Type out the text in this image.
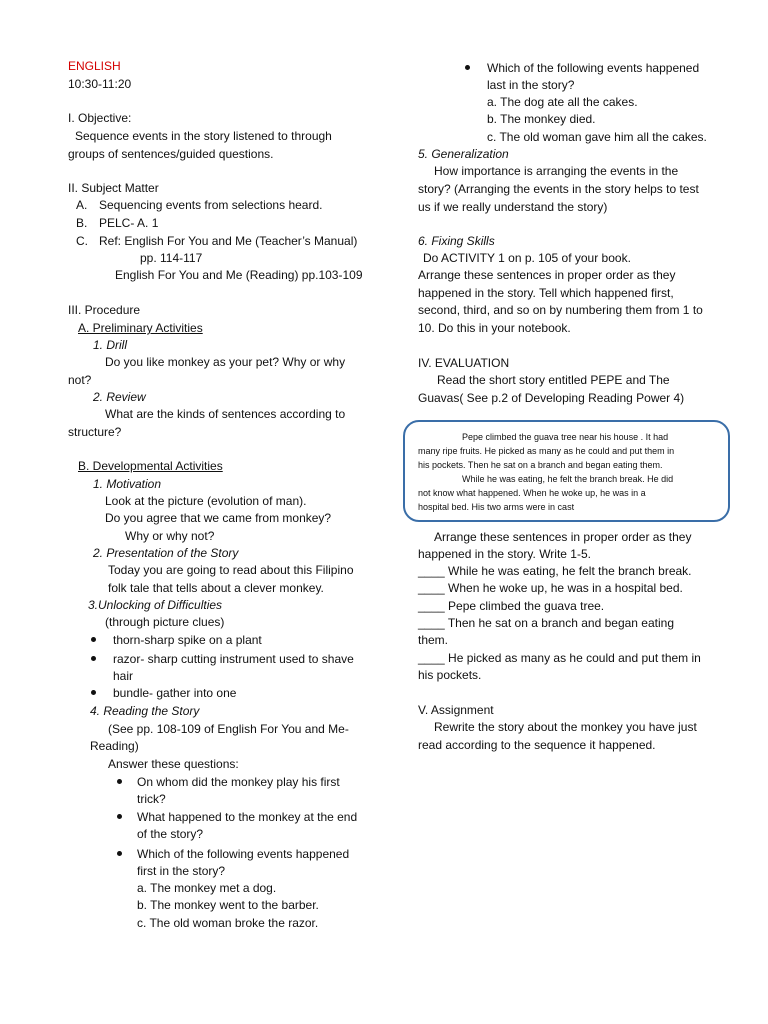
ENGLISH
10:30-11:20
I. Objective:
Sequence events in the story listened to through
groups of sentences/guided questions.
II. Subject Matter
A. Sequencing events from selections heard.
B. PELC- A. 1
C. Ref: English For You and Me (Teacher’s Manual)
pp. 114-117
English For You and Me (Reading) pp.103-109
III. Procedure
A. Preliminary Activities
1. Drill
Do you like monkey as your pet? Why or why
not?
2. Review
What are the kinds of sentences according to
structure?
B. Developmental Activities
1. Motivation
Look at the picture (evolution of man).
Do you agree that we came from monkey?
Why or why not?
2. Presentation of the Story
Today you are going to read about this Filipino
folk tale that tells about a clever monkey.
3.Unlocking of Difficulties
(through picture clues)
thorn-sharp spike on a plant
razor- sharp cutting instrument used to shave
hair
bundle- gather into one
4. Reading the Story
(See pp. 108-109 of English For You and Me-
Reading)
Answer these questions:
On whom did the monkey play his first
trick?
What happened to the monkey at the end
of the story?
Which of the following events happened
first in the story?
a. The monkey met a dog.
b. The monkey went to the barber.
c. The old woman broke the razor.
Which of the following events happened
last in the story?
a. The dog ate all the cakes.
b. The monkey died.
c. The old woman gave him all the cakes.
5. Generalization
How importance is arranging the events in the
story? (Arranging the events in the story helps to test
us if we really understand the story)
6. Fixing Skills
Do ACTIVITY 1 on p. 105 of your book.
Arrange these sentences in proper order as they
happened in the story. Tell which happened first,
second, third, and so on by numbering them from 1 to
10. Do this in your notebook.
IV. EVALUATION
Read the short story entitled PEPE and The
Guavas( See p.2 of Developing Reading Power 4)
Pepe climbed the guava tree near his house . It had
many ripe fruits. He picked as many as he could and put them in
his pockets. Then he sat on a branch and began eating them.
While he was eating, he felt the branch break. He did
not know what happened. When he woke up, he was in a
hospital bed. His two arms were in cast
Arrange these sentences in proper order as they
happened in the story. Write 1-5.
____ While he was eating, he felt the branch break.
____ When he woke up, he was in a hospital bed.
____ Pepe climbed the guava tree.
____ Then he sat on a branch and began eating
them.
____ He picked as many as he could and put them in
his pockets.
V. Assignment
Rewrite the story about the monkey you have just
read according to the sequence it happened.
